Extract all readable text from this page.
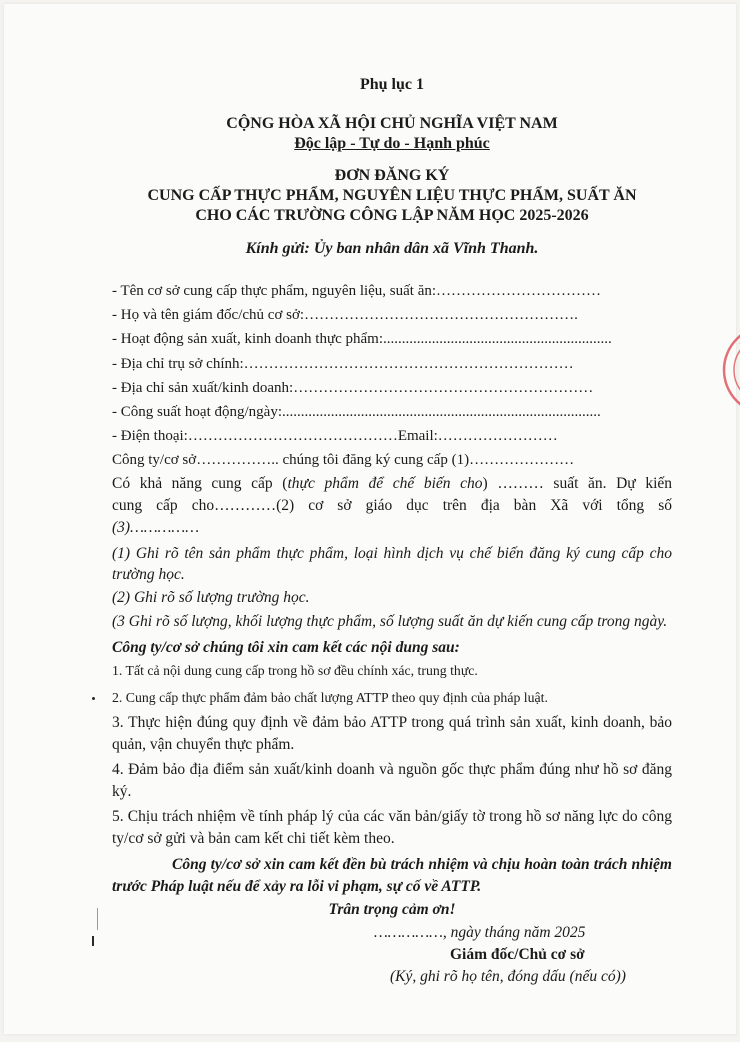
Phụ lục 1

CỘNG HÒA XÃ HỘI CHỦ NGHĨA VIỆT NAM

Độc lập - Tự do - Hạnh phúc

ĐƠN ĐĂNG KÝ

CUNG CẤP THỰC PHẨM, NGUYÊN LIỆU THỰC PHẨM, SUẤT ĂN

CHO CÁC TRƯỜNG CÔNG LẬP NĂM HỌC 2025-2026

Kính gửi: Ủy ban nhân dân xã Vĩnh Thanh.

- Tên cơ sở cung cấp thực phẩm, nguyên liệu, suất ăn:……………………………

- Họ và tên giám đốc/chủ cơ sở:……………………………………………….

- Hoạt động sản xuất, kinh doanh thực phẩm:.............................................................

- Địa chỉ trụ sở chính:…………………………………………………………

- Địa chỉ sản xuất/kinh doanh:……………………………………………………

- Công suất hoạt động/ngày:.....................................................................................

- Điện thoại:……………………………………Email:……………………

Công ty/cơ sở…………….. chúng tôi đăng ký cung cấp (1)…………………

Có khả năng cung cấp (thực phẩm để chế biến cho) ……… suất ăn. Dự kiến

cung cấp cho…………(2) cơ sở giáo dục trên địa bàn Xã với tổng số

(3)……………

(1) Ghi rõ tên sản phẩm thực phẩm, loại hình dịch vụ chế biến đăng ký cung cấp cho trường học.

(2) Ghi rõ số lượng trường học.

(3 Ghi rõ số lượng, khối lượng thực phẩm, số lượng suất ăn dự kiến cung cấp trong ngày.

Công ty/cơ sở chúng tôi xin cam kết các nội dung sau:

1. Tất cả nội dung cung cấp trong hồ sơ đều chính xác, trung thực.

2. Cung cấp thực phẩm đảm bảo chất lượng ATTP theo quy định của pháp luật.

3. Thực hiện đúng quy định về đảm bảo ATTP trong quá trình sản xuất, kinh doanh, bảo quản, vận chuyển thực phẩm.

4. Đảm bảo địa điểm sản xuất/kinh doanh và nguồn gốc thực phẩm đúng như hồ sơ đăng ký.

5. Chịu trách nhiệm về tính pháp lý của các văn bản/giấy tờ trong hồ sơ năng lực do công ty/cơ sở gửi và bản cam kết chi tiết kèm theo.

Công ty/cơ sở xin cam kết đền bù trách nhiệm và chịu hoàn toàn trách nhiệm trước Pháp luật nếu để xảy ra lỗi vi phạm, sự cố về ATTP.

Trân trọng cảm ơn!

……………, ngày tháng năm 2025

Giám đốc/Chủ cơ sở

(Ký, ghi rõ họ tên, đóng dấu (nếu có))
